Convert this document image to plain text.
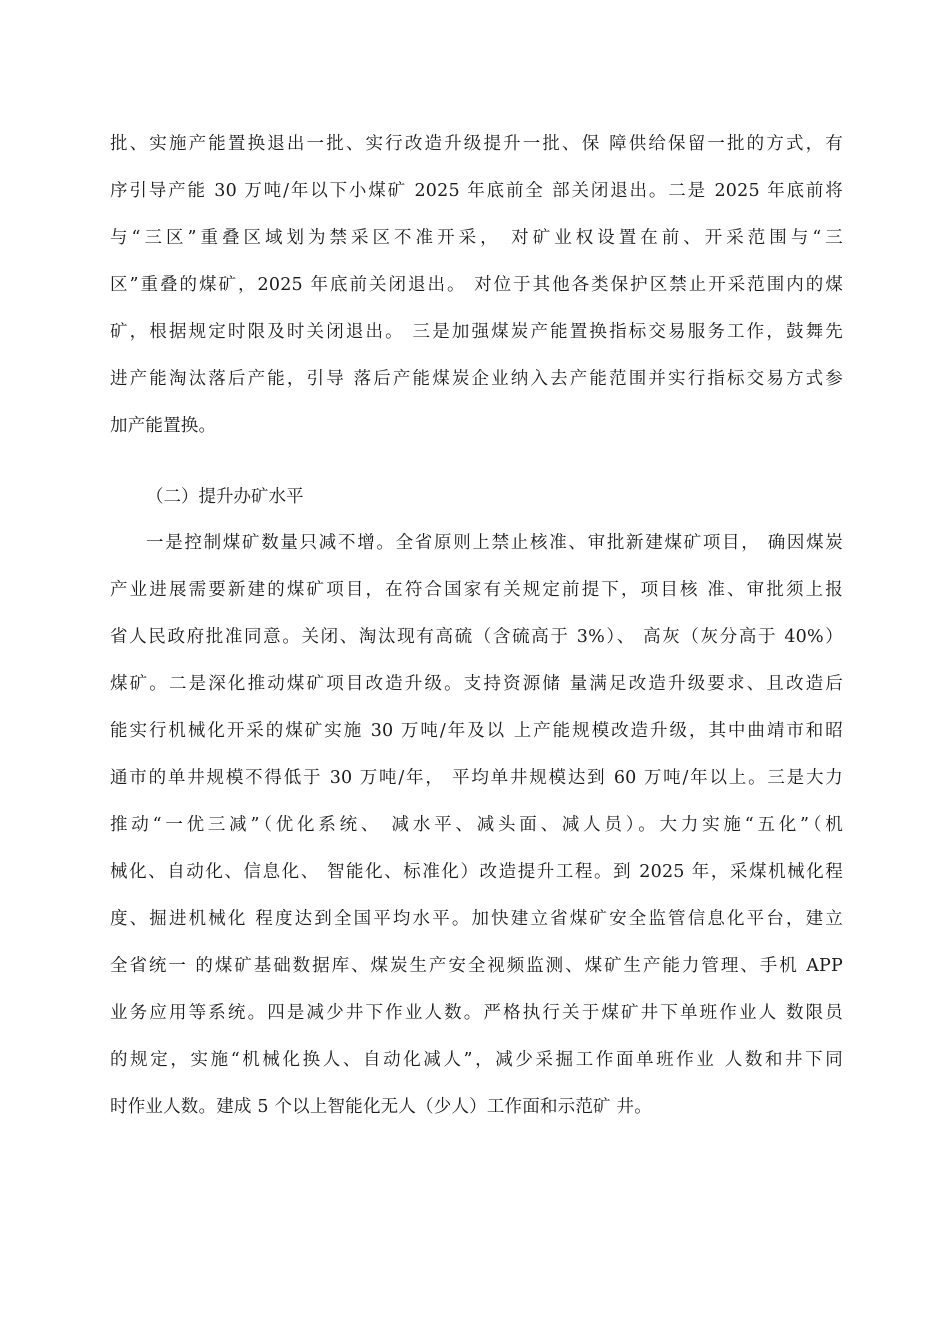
批、实施产能置换退出一批、实行改造升级提升一批、保 障供给保留一批的方式，有
序引导产能 30 万吨/年以下小煤矿 2025 年底前全 部关闭退出。二是 2025 年底前将
与“三区”重叠区域划为禁采区不准开采， 对矿业权设置在前、开采范围与“三
区”重叠的煤矿，2025 年底前关闭退出。 对位于其他各类保护区禁止开采范围内的煤
矿，根据规定时限及时关闭退出。 三是加强煤炭产能置换指标交易服务工作，鼓舞先
进产能淘汰落后产能，引导 落后产能煤炭企业纳入去产能范围并实行指标交易方式参
加产能置换。
（二）提升办矿水平
一是控制煤矿数量只减不增。全省原则上禁止核准、审批新建煤矿项目， 确因煤炭
产业进展需要新建的煤矿项目，在符合国家有关规定前提下，项目核 准、审批须上报
省人民政府批准同意。关闭、淘汰现有高硫（含硫高于 3%）、 高灰（灰分高于 40%）
煤矿。二是深化推动煤矿项目改造升级。支持资源储 量满足改造升级要求、且改造后
能实行机械化开采的煤矿实施 30 万吨/年及以 上产能规模改造升级，其中曲靖市和昭
通市的单井规模不得低于 30 万吨/年， 平均单井规模达到 60 万吨/年以上。三是大力
推动“一优三减”（优化系统、 减水平、减头面、减人员）。大力实施“五化”（机
械化、自动化、信息化、 智能化、标准化）改造提升工程。到 2025 年，采煤机械化程
度、掘进机械化 程度达到全国平均水平。加快建立省煤矿安全监管信息化平台，建立
全省统一 的煤矿基础数据库、煤炭生产安全视频监测、煤矿生产能力管理、手机 APP
业务应用等系统。四是减少井下作业人数。严格执行关于煤矿井下单班作业人 数限员
的规定，实施“机械化换人、自动化减人”，减少采掘工作面单班作业 人数和井下同
时作业人数。建成 5 个以上智能化无人（少人）工作面和示范矿 井。
